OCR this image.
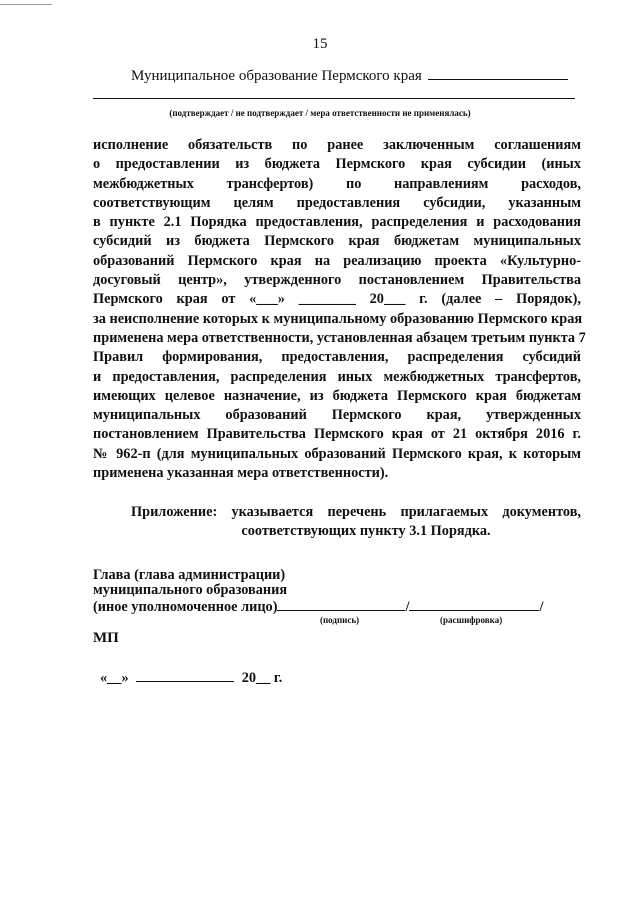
15
Муниципальное образование Пермского края
(подтверждает / не подтверждает / мера ответственности не применялась)
исполнение обязательств по ранее заключенным соглашениям
о предоставлении из бюджета Пермского края субсидии (иных
межбюджетных трансфертов) по направлениям расходов,
соответствующим целям предоставления субсидии, указанным
в пункте 2.1 Порядка предоставления, распределения и расходования
субсидий из бюджета Пермского края бюджетам муниципальных
образований Пермского края на реализацию проекта «Культурно-
досуговый центр», утвержденного постановлением Правительства
Пермского края от «___» ________ 20___ г. (далее – Порядок),
за неисполнение которых к муниципальному образованию Пермского края
применена мера ответственности, установленная абзацем третьим пункта 7
Правил формирования, предоставления, распределения субсидий
и предоставления, распределения иных межбюджетных трансфертов,
имеющих целевое назначение, из бюджета Пермского края бюджетам
муниципальных образований Пермского края, утвержденных
постановлением Правительства Пермского края от 21 октября 2016 г.
№ 962-п (для муниципальных образований Пермского края, к которым
применена указанная мера ответственности).
Приложение: указывается перечень прилагаемых документов,
соответствующих пункту 3.1 Порядка.
Глава (глава администрации)
муниципального образования
(иное уполномоченное лицо)	/	/
(подпись)	(расшифровка)
МП
«__»	20__ г.
